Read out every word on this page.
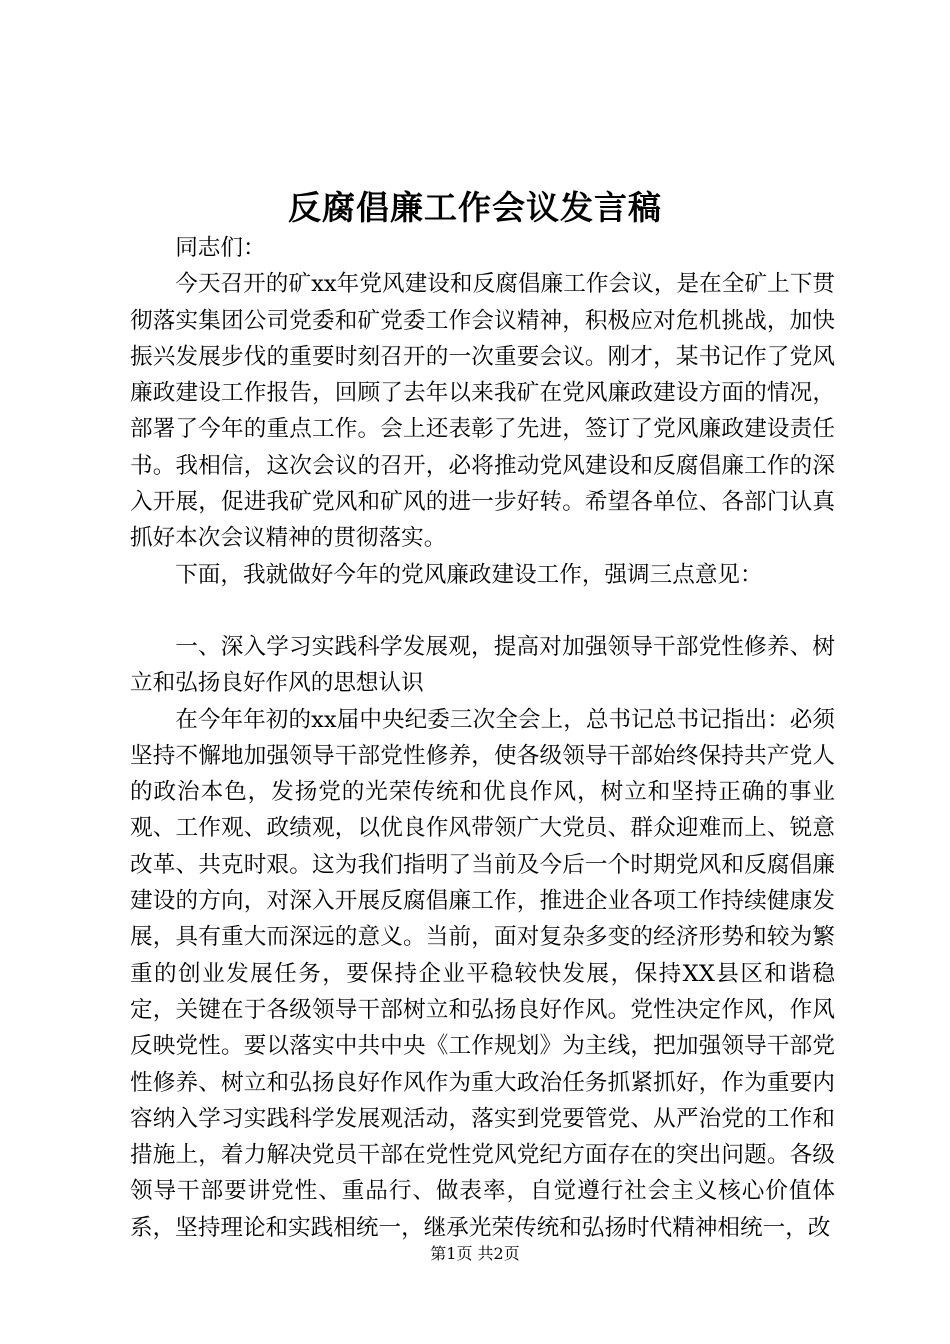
反腐倡廉工作会议发言稿

同志们：

今天召开的矿xx年党风建设和反腐倡廉工作会议，是在全矿上下贯彻落实集团公司党委和矿党委工作会议精神，积极应对危机挑战，加快振兴发展步伐的重要时刻召开的一次重要会议。刚才，某书记作了党风廉政建设工作报告，回顾了去年以来我矿在党风廉政建设方面的情况，部署了今年的重点工作。会上还表彰了先进，签订了党风廉政建设责任书。我相信，这次会议的召开，必将推动党风建设和反腐倡廉工作的深入开展，促进我矿党风和矿风的进一步好转。希望各单位、各部门认真抓好本次会议精神的贯彻落实。

下面，我就做好今年的党风廉政建设工作，强调三点意见：

一、深入学习实践科学发展观，提高对加强领导干部党性修养、树立和弘扬良好作风的思想认识

在今年年初的xx届中央纪委三次全会上，总书记总书记指出：必须坚持不懈地加强领导干部党性修养，使各级领导干部始终保持共产党人的政治本色，发扬党的光荣传统和优良作风，树立和坚持正确的事业观、工作观、政绩观，以优良作风带领广大党员、群众迎难而上、锐意改革、共克时艰。这为我们指明了当前及今后一个时期党风和反腐倡廉建设的方向，对深入开展反腐倡廉工作，推进企业各项工作持续健康发展，具有重大而深远的意义。当前，面对复杂多变的经济形势和较为繁重的创业发展任务，要保持企业平稳较快发展，保持XX县区和谐稳定，关键在于各级领导干部树立和弘扬良好作风。党性决定作风，作风反映党性。要以落实中共中央《工作规划》为主线，把加强领导干部党性修养、树立和弘扬良好作风作为重大政治任务抓紧抓好，作为重要内容纳入学习实践科学发展观活动，落实到党要管党、从严治党的工作和措施上，着力解决党员干部在党性党风党纪方面存在的突出问题。各级领导干部要讲党性、重品行、做表率，自觉遵行社会主义核心价值体系，坚持理论和实践相统一，继承光荣传统和弘扬时代精神相统一，改

第1页 共2页
